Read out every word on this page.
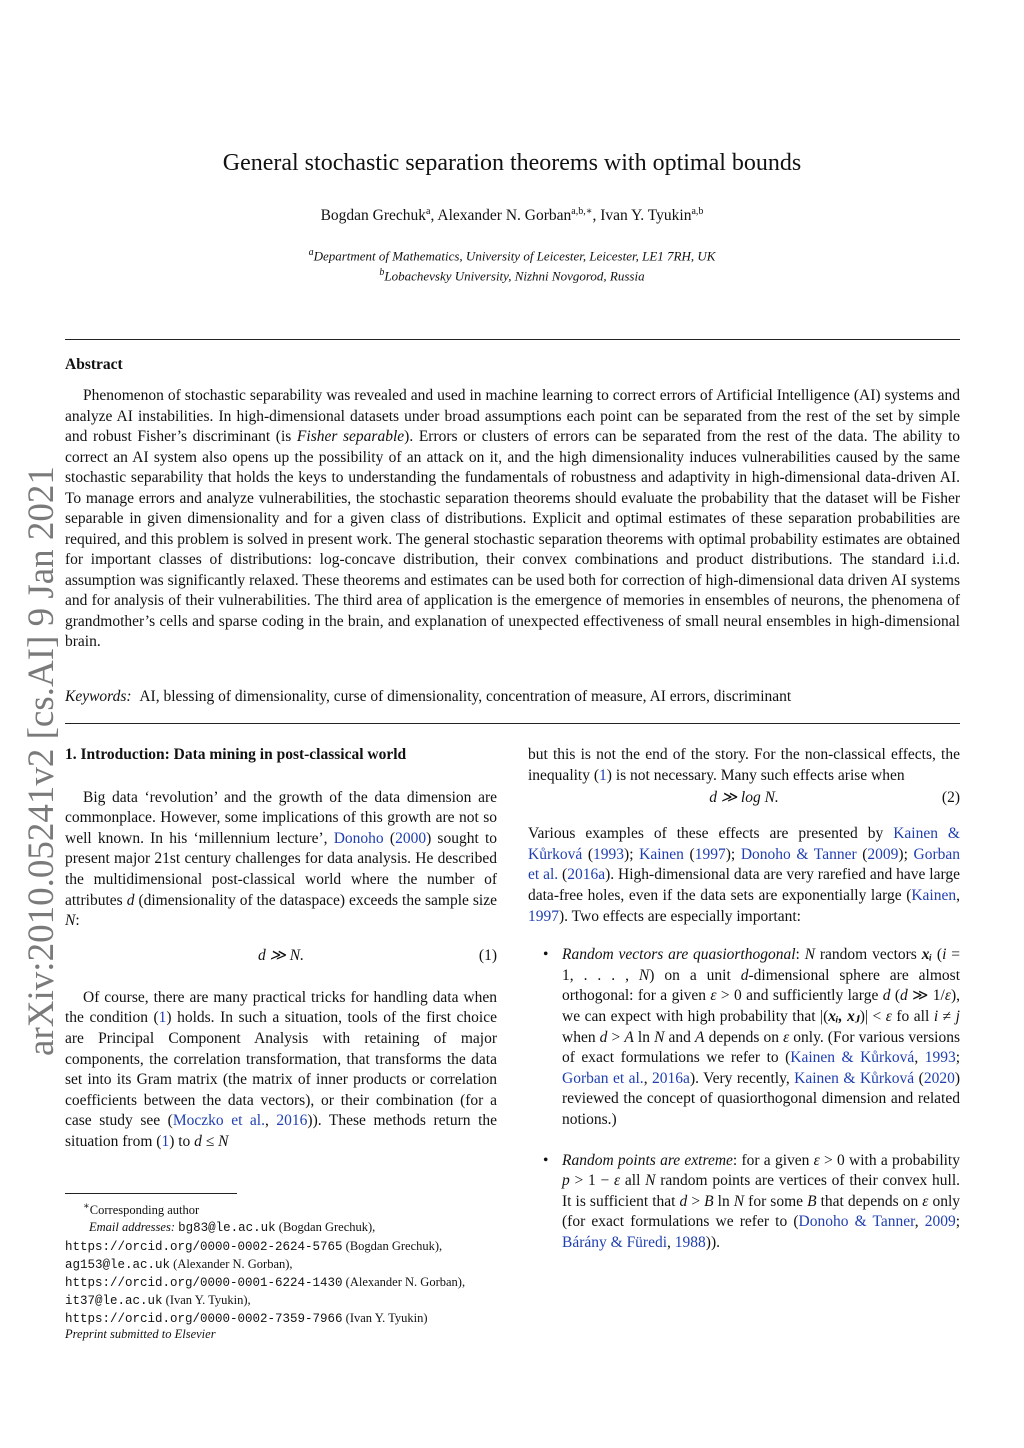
arXiv:2010.05241v2 [cs.AI] 9 Jan 2021
General stochastic separation theorems with optimal bounds
Bogdan Grechuk$^a$, Alexander N. Gorban$^{a,b,∗}$, Ivan Y. Tyukin$^{a,b}$
$^a$Department of Mathematics, University of Leicester, Leicester, LE1 7RH, UK
$^b$Lobachevsky University, Nizhni Novgorod, Russia
Abstract

Phenomenon of stochastic separability was revealed and used in machine learning to correct errors of Artificial Intelligence (AI) systems and analyze AI instabilities. In high-dimensional datasets under broad assumptions each point can be separated from the rest of the set by simple and robust Fisher’s discriminant (is Fisher separable). Errors or clusters of errors can be separated from the rest of the data. The ability to correct an AI system also opens up the possibility of an attack on it, and the high dimensionality induces vulnerabilities caused by the same stochastic separability that holds the keys to understanding the fundamentals of robustness and adaptivity in high-dimensional data-driven AI. To manage errors and analyze vulnerabilities, the stochastic separation theorems should evaluate the probability that the dataset will be Fisher separable in given dimensionality and for a given class of distributions. Explicit and optimal estimates of these separation probabilities are required, and this problem is solved in present work. The general stochastic separation theorems with optimal probability estimates are obtained for important classes of distributions: log-concave distribution, their convex combinations and product distributions. The standard i.i.d. assumption was significantly relaxed. These theorems and estimates can be used both for correction of high-dimensional data driven AI systems and for analysis of their vulnerabilities. The third area of application is the emergence of memories in ensembles of neurons, the phenomena of grandmother’s cells and sparse coding in the brain, and explanation of unexpected effectiveness of small neural ensembles in high-dimensional brain.

Keywords: AI, blessing of dimensionality, curse of dimensionality, concentration of measure, AI errors, discriminant
1. Introduction: Data mining in post-classical world

Big data ‘revolution’ and the growth of the data dimension are commonplace. However, some implications of this growth are not so well known. In his ‘millennium lecture’, Donoho (2000) sought to present major 21st century challenges for data analysis. He described the multidimensional post-classical world where the number of attributes d (dimensionality of the dataspace) exceeds the sample size N:

d ≫ N.	(1)

Of course, there are many practical tricks for handling data when the condition (1) holds. In such a situation, tools of the first choice are Principal Component Analysis with retaining of major components, the correlation transformation, that transforms the data set into its Gram matrix (the matrix of inner products or correlation coefficients between the data vectors), or their combination (for a case study see (Moczko et al., 2016)). These methods return the situation from (1) to d ≤ N

but this is not the end of the story. For the non-classical effects, the inequality (1) is not necessary. Many such effects arise when

d ≫ log N.	(2)

Various examples of these effects are presented by Kainen & Kůrková (1993); Kainen (1997); Donoho & Tanner (2009); Gorban et al. (2016a). High-dimensional data are very rarefied and have large data-free holes, even if the data sets are exponentially large (Kainen, 1997). Two effects are especially important:

• Random vectors are quasiorthogonal: N random vectors xᵢ (i = 1, . . . , N) on a unit d-dimensional sphere are almost orthogonal: for a given ε > 0 and sufficiently large d (d ≫ 1/ε), we can expect with high probability that |(xᵢ, xⱼ)| < ε fo all i ≠ j when d > A ln N and A depends on ε only. (For various versions of exact formulations we refer to (Kainen & Kůrková, 1993; Gorban et al., 2016a). Very recently, Kainen & Kůrková (2020) reviewed the concept of quasiorthogonal dimension and related notions.)
• Random points are extreme: for a given ε > 0 with a probability p > 1 − ε all N random points are vertices of their convex hull. It is sufficient that d > B ln N for some B that depends on ε only (for exact formulations we refer to (Donoho & Tanner, 2009; Bárány & Füredi, 1988)).
∗Corresponding author
Email addresses: bg83@le.ac.uk (Bogdan Grechuk),
https://orcid.org/0000-0002-2624-5765 (Bogdan Grechuk),
ag153@le.ac.uk (Alexander N. Gorban),
https://orcid.org/0000-0001-6224-1430 (Alexander N. Gorban),
it37@le.ac.uk (Ivan Y. Tyukin),
https://orcid.org/0000-0002-7359-7966 (Ivan Y. Tyukin)
Preprint submitted to Elsevier
